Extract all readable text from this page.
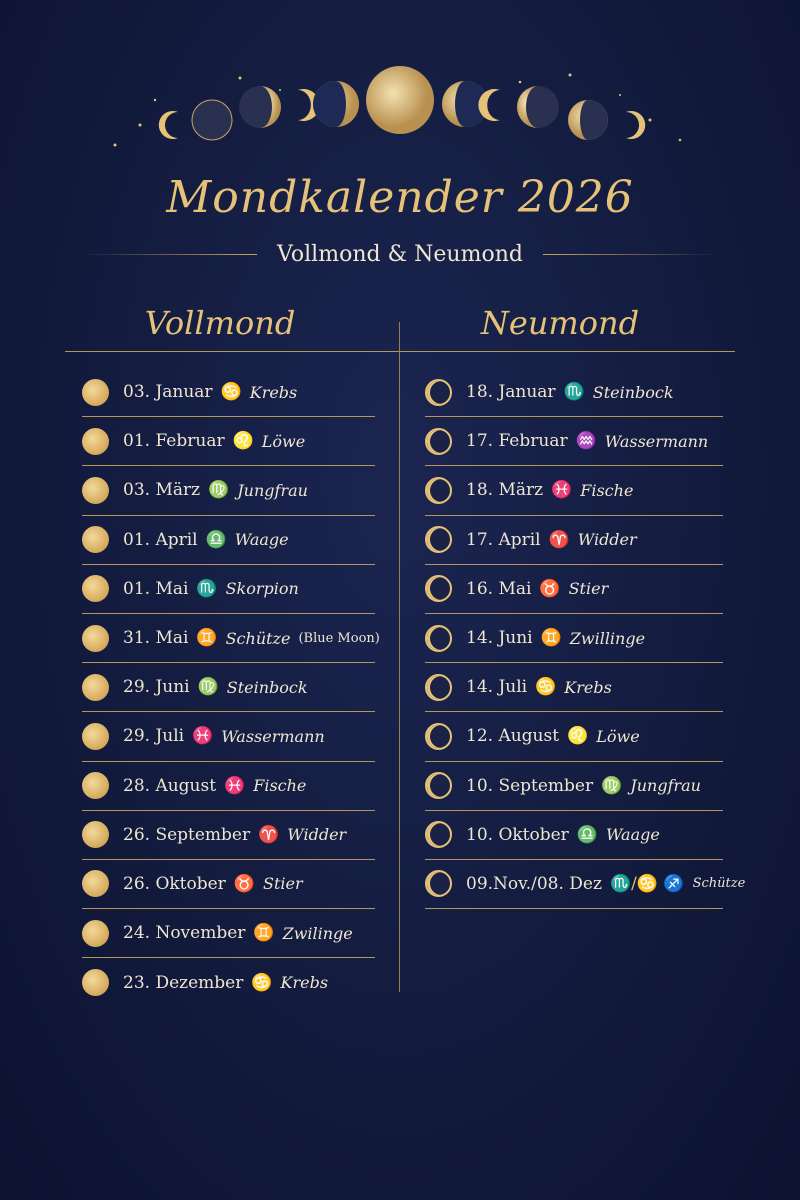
Mondkalender 2026
Vollmond & Neumond
Vollmond	Neumond
03. Januar ♋ Krebs
01. Februar ♌ Löwe
03. März ♍ Jungfrau
01. April ♎ Waage
01. Mai ♏ Skorpion
31. Mai ♊ Schütze (Blue Moon)
29. Juni ♍ Steinbock
29. Juli ♓ Wassermann
28. August ♓ Fische
26. September ♈ Widder
26. Oktober ♉ Stier
24. November ♊ Zwilinge
23. Dezember ♋ Krebs
18. Januar ♏ Steinbock
17. Februar ♒ Wassermann
18. März ♓ Fische
17. April ♈ Widder
16. Mai ♉ Stier
14. Juni ♊ Zwillinge
14. Juli ♋ Krebs
12. August ♌ Löwe
10. September ♍ Jungfrau
10. Oktober ♎ Waage
09.Nov./08. Dez ♏/♋ ♐ Schütze
